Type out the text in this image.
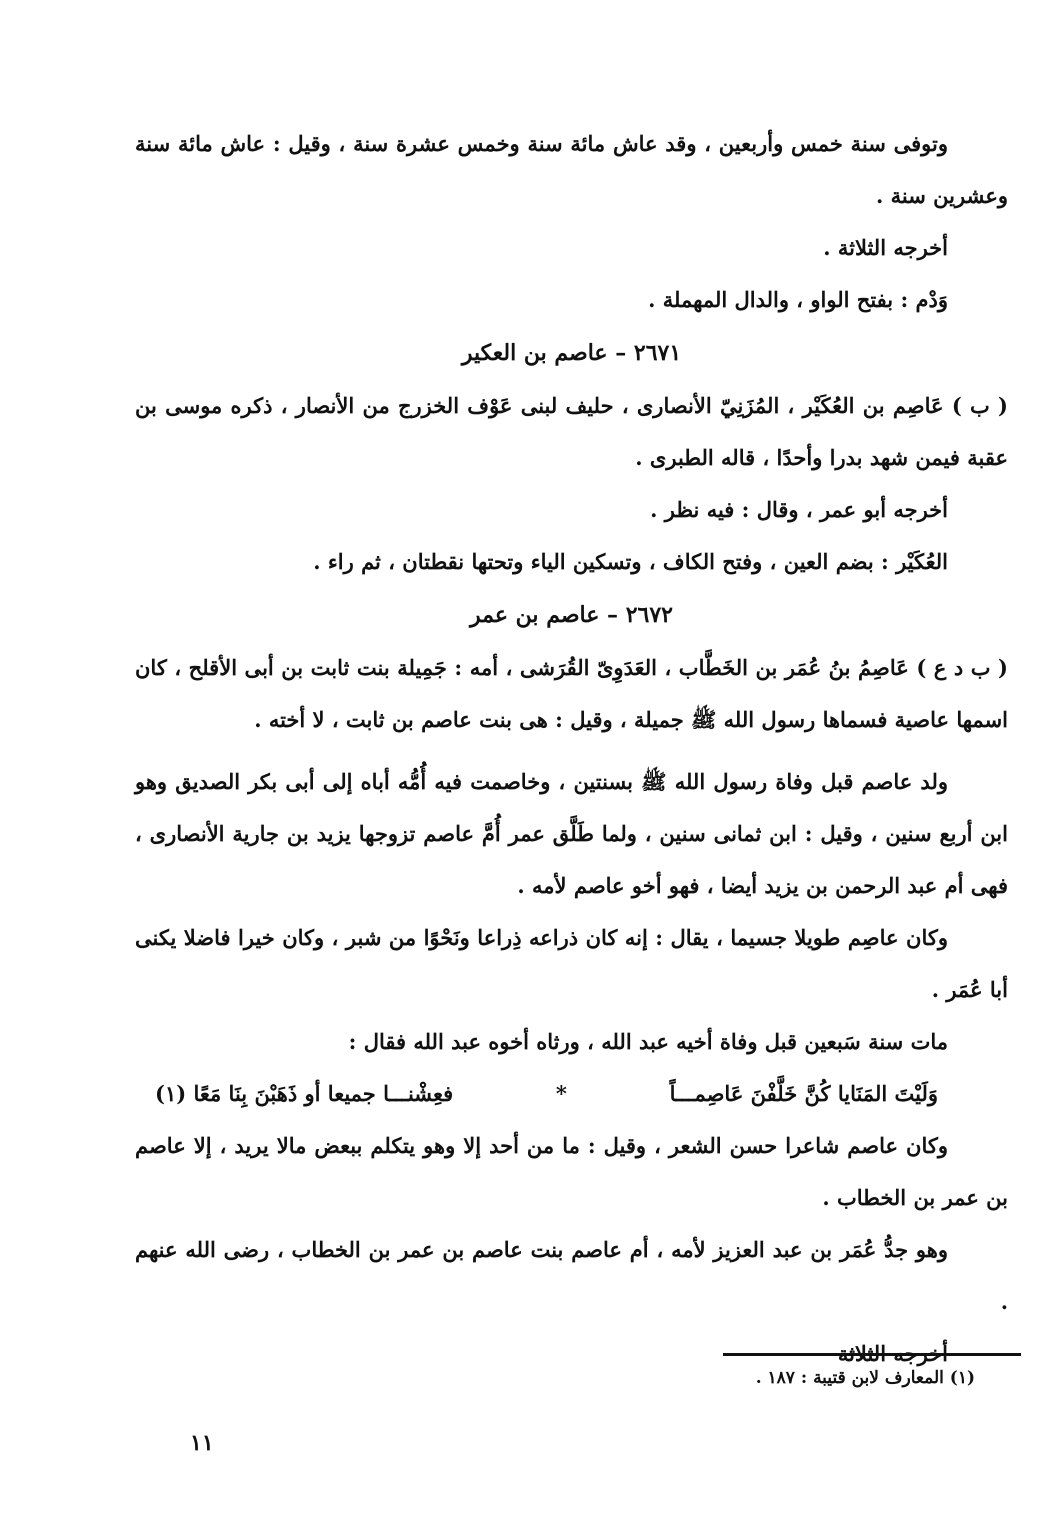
وتوفى سنة خمس وأربعين ، وقد عاش مائة سنة وخمس عشرة سنة ، وقيل : عاش مائة سنة وعشرين سنة .

أخرجه الثلاثة .

وَدْم : بفتح الواو ، والدال المهملة .

٢٦٧١ – عاصم بن العكير

( ب ) عَاصِم بن العُكَيْر ، المُزَنِيّ الأنصارى ، حليف لبنى عَوْف الخزرج من الأنصار ، ذكره موسى بن عقبة فيمن شهد بدرا وأحدًا ، قاله الطبرى .

أخرجه أبو عمر ، وقال : فيه نظر .

العُكَيْر : بضم العين ، وفتح الكاف ، وتسكين الياء وتحتها نقطتان ، ثم راء .

٢٦٧٢ – عاصم بن عمر

( ب د ع ) عَاصِمُ بنُ عُمَر بن الخَطَّاب ، العَدَوِىّ القُرَشى ، أمه : جَمِيلة بنت ثابت بن أبى الأقلح ، كان اسمها عاصية فسماها رسول الله ﷺ جميلة ، وقيل : هى بنت عاصم بن ثابت ، لا أخته .

ولد عاصم قبل وفاة رسول الله ﷺ بسنتين ، وخاصمت فيه أُمُّه أباه إلى أبى بكر الصديق وهو ابن أربع سنين ، وقيل : ابن ثمانى سنين ، ولما طَلَّق عمر أُمَّ عاصم تزوجها يزيد بن جارية الأنصارى ، فهى أم عبد الرحمن بن يزيد أيضا ، فهو أخو عاصم لأمه .

وكان عاصِم طويلا جسيما ، يقال : إنه كان ذراعه ذِراعا ونَحْوًا من شبر ، وكان خيرا فاضلا يكنى أبا عُمَر .

مات سنة سَبعين قبل وفاة أخيه عبد الله ، ورثاه أخوه عبد الله فقال :

وَلَيْتَ المَنَايا كُنَّ خَلَّفْنَ عَاصِمـــاً
*
فعِشْنـــا جميعا أو ذَهَبْنَ بِنَا مَعًا (١)

وكان عاصم شاعرا حسن الشعر ، وقيل : ما من أحد إلا وهو يتكلم ببعض مالا يريد ، إلا عاصم بن عمر بن الخطاب .

وهو جدُّ عُمَر بن عبد العزيز لأمه ، أم عاصم بنت عاصم بن عمر بن الخطاب ، رضى الله عنهم .

أخرجه الثلاثة

(١) المعارف لابن قتيبة : ١٨٧ .
١١
